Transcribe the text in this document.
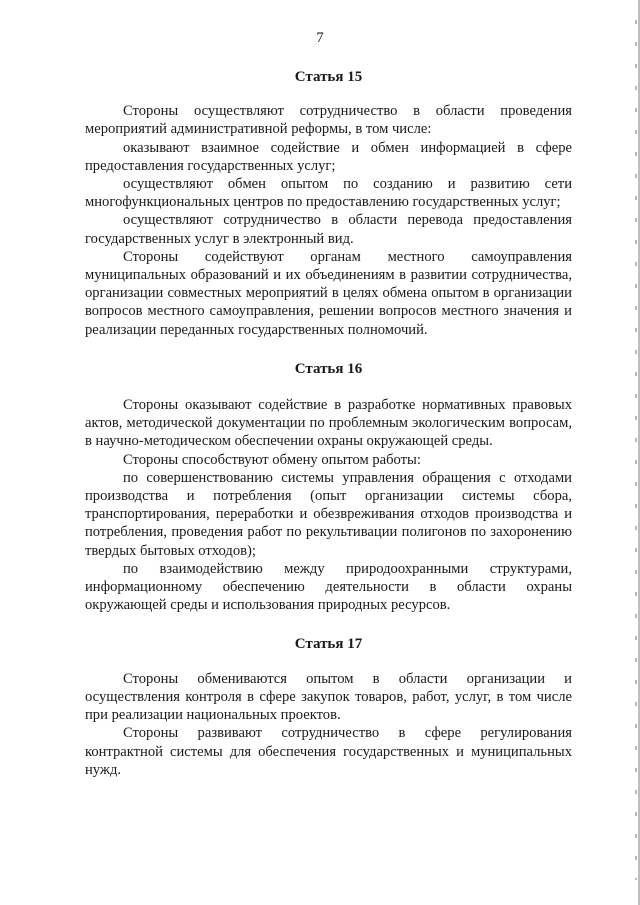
7
Статья 15

Стороны осуществляют сотрудничество в области проведения мероприятий административной реформы, в том числе:

оказывают взаимное содействие и обмен информацией в сфере предоставления государственных услуг;

осуществляют обмен опытом по созданию и развитию сети многофункциональных центров по предоставлению государственных услуг;

осуществляют сотрудничество в области перевода предоставления государственных услуг в электронный вид.

Стороны содействуют органам местного самоуправления муниципальных образований и их объединениям в развитии сотрудничества, организации совместных мероприятий в целях обмена опытом в организации вопросов местного самоуправления, решении вопросов местного значения и реализации переданных государственных полномочий.

Статья 16

Стороны оказывают содействие в разработке нормативных правовых актов, методической документации по проблемным экологическим вопросам, в научно-методическом обеспечении охраны окружающей среды.

Стороны способствуют обмену опытом работы:

по совершенствованию системы управления обращения с отходами производства и потребления (опыт организации системы сбора, транспортирования, переработки и обезвреживания отходов производства и потребления, проведения работ по рекультивации полигонов по захоронению твердых бытовых отходов);

по взаимодействию между природоохранными структурами, информационному обеспечению деятельности в области охраны окружающей среды и использования природных ресурсов.

Статья 17

Стороны обмениваются опытом в области организации и осуществления контроля в сфере закупок товаров, работ, услуг, в том числе при реализации национальных проектов.

Стороны развивают сотрудничество в сфере регулирования контрактной системы для обеспечения государственных и муниципальных нужд.
